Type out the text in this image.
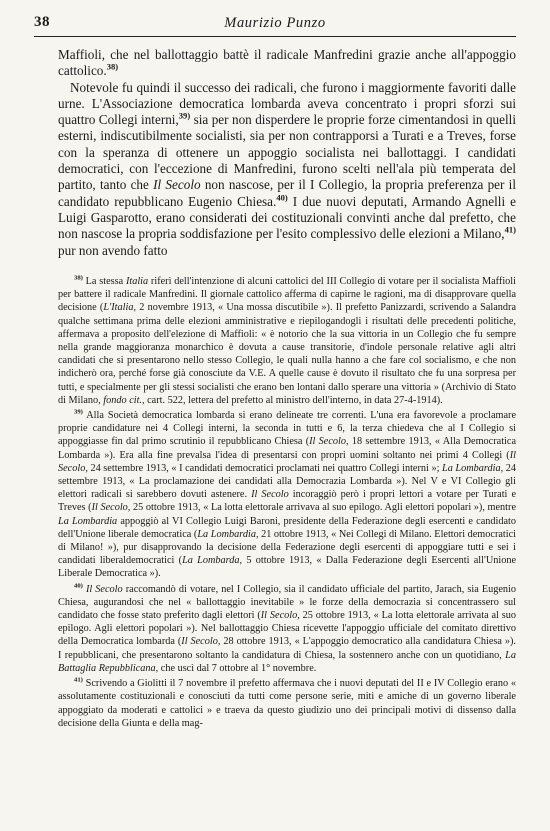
38	Maurizio Punzo

Maffioli, che nel ballottaggio battè il radicale Manfredini grazie anche all'appoggio cattolico.$^{38)}$

Notevole fu quindi il successo dei radicali, che furono i maggiormente favoriti dalle urne. L'Associazione democratica lombarda aveva concentrato i propri sforzi sui quattro Collegi interni,$^{39)}$ sia per non disperdere le proprie forze cimentandosi in quelli esterni, indiscutibilmente socialisti, sia per non contrapporsi a Turati e a Treves, forse con la speranza di ottenere un appoggio socialista nei ballottaggi. I candidati democratici, con l'eccezione di Manfredini, furono scelti nell'ala più temperata del partito, tanto che Il Secolo non nascose, per il I Collegio, la propria preferenza per il candidato repubblicano Eugenio Chiesa.$^{40)}$ I due nuovi deputati, Armando Agnelli e Luigi Gasparotto, erano considerati dei costituzionali convinti anche dal prefetto, che non nascose la propria soddisfazione per l'esito complessivo delle elezioni a Milano,$^{41)}$ pur non avendo fatto

$^{38)}$ La stessa Italia riferì dell'intenzione di alcuni cattolici del III Collegio di votare per il socialista Maffioli per battere il radicale Manfredini. Il giornale cattolico afferma di capirne le ragioni, ma di disapprovare quella decisione (L'Italia, 2 novembre 1913, « Una mossa discutibile »). Il prefetto Panizzardi, scrivendo a Salandra qualche settimana prima delle elezioni amministrative e riepilogandogli i risultati delle precedenti politiche, affermava a proposito dell'elezione di Maffioli: « è notorio che la sua vittoria in un Collegio che fu sempre nella grande maggioranza monarchico è dovuta a cause transitorie, d'indole personale relative agli altri candidati che si presentarono nello stesso Collegio, le quali nulla hanno a che fare col socialismo, e che non indicherò ora, perché forse già conosciute da V.E. A quelle cause è dovuto il risultato che fu una sorpresa per tutti, e specialmente per gli stessi socialisti che erano ben lontani dallo sperare una vittoria » (Archivio di Stato di Milano, fondo cit., cart. 522, lettera del prefetto al ministro dell'interno, in data 27-4-1914).

$^{39)}$ Alla Società democratica lombarda si erano delineate tre correnti. L'una era favorevole a proclamare proprie candidature nei 4 Collegi interni, la seconda in tutti e 6, la terza chiedeva che al I Collegio si appoggiasse fin dal primo scrutinio il repubblicano Chiesa (Il Secolo, 18 settembre 1913, « Alla Democratica Lombarda »). Era alla fine prevalsa l'idea di presentarsi con propri uomini soltanto nei primi 4 Collegi (Il Secolo, 24 settembre 1913, « I candidati democratici proclamati nei quattro Collegi interni »; La Lombardia, 24 settembre 1913, « La proclamazione dei candidati alla Democrazia Lombarda »). Nel V e VI Collegio gli elettori radicali si sarebbero dovuti astenere. Il Secolo incoraggiò però i propri lettori a votare per Turati e Treves (Il Secolo, 25 ottobre 1913, « La lotta elettorale arrivava al suo epilogo. Agli elettori popolari »), mentre La Lombardia appoggiò al VI Collegio Luigi Baroni, presidente della Federazione degli esercenti e candidato dell'Unione liberale democratica (La Lombardia, 21 ottobre 1913, « Nei Collegi di Milano. Elettori democratici di Milano! »), pur disapprovando la decisione della Federazione degli esercenti di appoggiare tutti e sei i candidati liberaldemocratici (La Lombarda, 5 ottobre 1913, « Dalla Federazione degli Esercenti all'Unione Liberale Democratica »).

$^{40)}$ Il Secolo raccomandò di votare, nel I Collegio, sia il candidato ufficiale del partito, Jarach, sia Eugenio Chiesa, augurandosi che nel « ballottaggio inevitabile » le forze della democrazia si concentrassero sul candidato che fosse stato preferito dagli elettori (Il Secolo, 25 ottobre 1913, « La lotta elettorale arrivata al suo epilogo. Agli elettori popolari »). Nel ballottaggio Chiesa ricevette l'appoggio ufficiale del comitato direttivo della Democratica lombarda (Il Secolo, 28 ottobre 1913, « L'appoggio democratico alla candidatura Chiesa »). I repubblicani, che presentarono soltanto la candidatura di Chiesa, la sostennero anche con un quotidiano, La Battaglia Repubblicana, che uscì dal 7 ottobre al 1° novembre.

$^{41)}$ Scrivendo a Giolitti il 7 novembre il prefetto affermava che i nuovi deputati del II e IV Collegio erano « assolutamente costituzionali e conosciuti da tutti come persone serie, miti e amiche di un governo liberale appoggiato da moderati e cattolici » e traeva da questo giudizio uno dei principali motivi di dissenso dalla decisione della Giunta e della mag-
